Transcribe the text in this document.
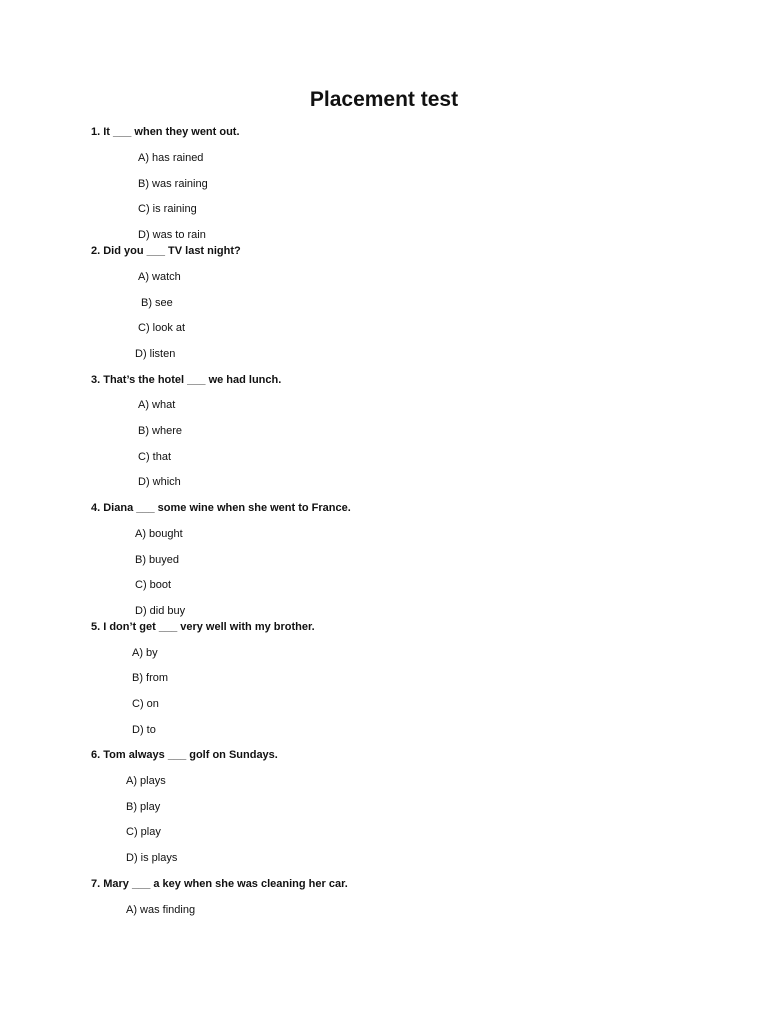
Placement test
1. It ___ when they went out.
A) has rained
B) was raining
C) is raining
D) was to rain
2. Did you ___ TV last night?
A) watch
B) see
C) look at
D) listen
3. That’s the hotel ___ we had lunch.
A) what
B) where
C) that
D) which
4. Diana ___ some wine when she went to France.
A) bought
B) buyed
C) boot
D) did buy
5. I don’t get ___ very well with my brother.
A) by
B) from
C) on
D) to
6. Tom always ___ golf on Sundays.
A) plays
B) play
C) play
D) is plays
7. Mary ___ a key when she was cleaning her car.
A) was finding
